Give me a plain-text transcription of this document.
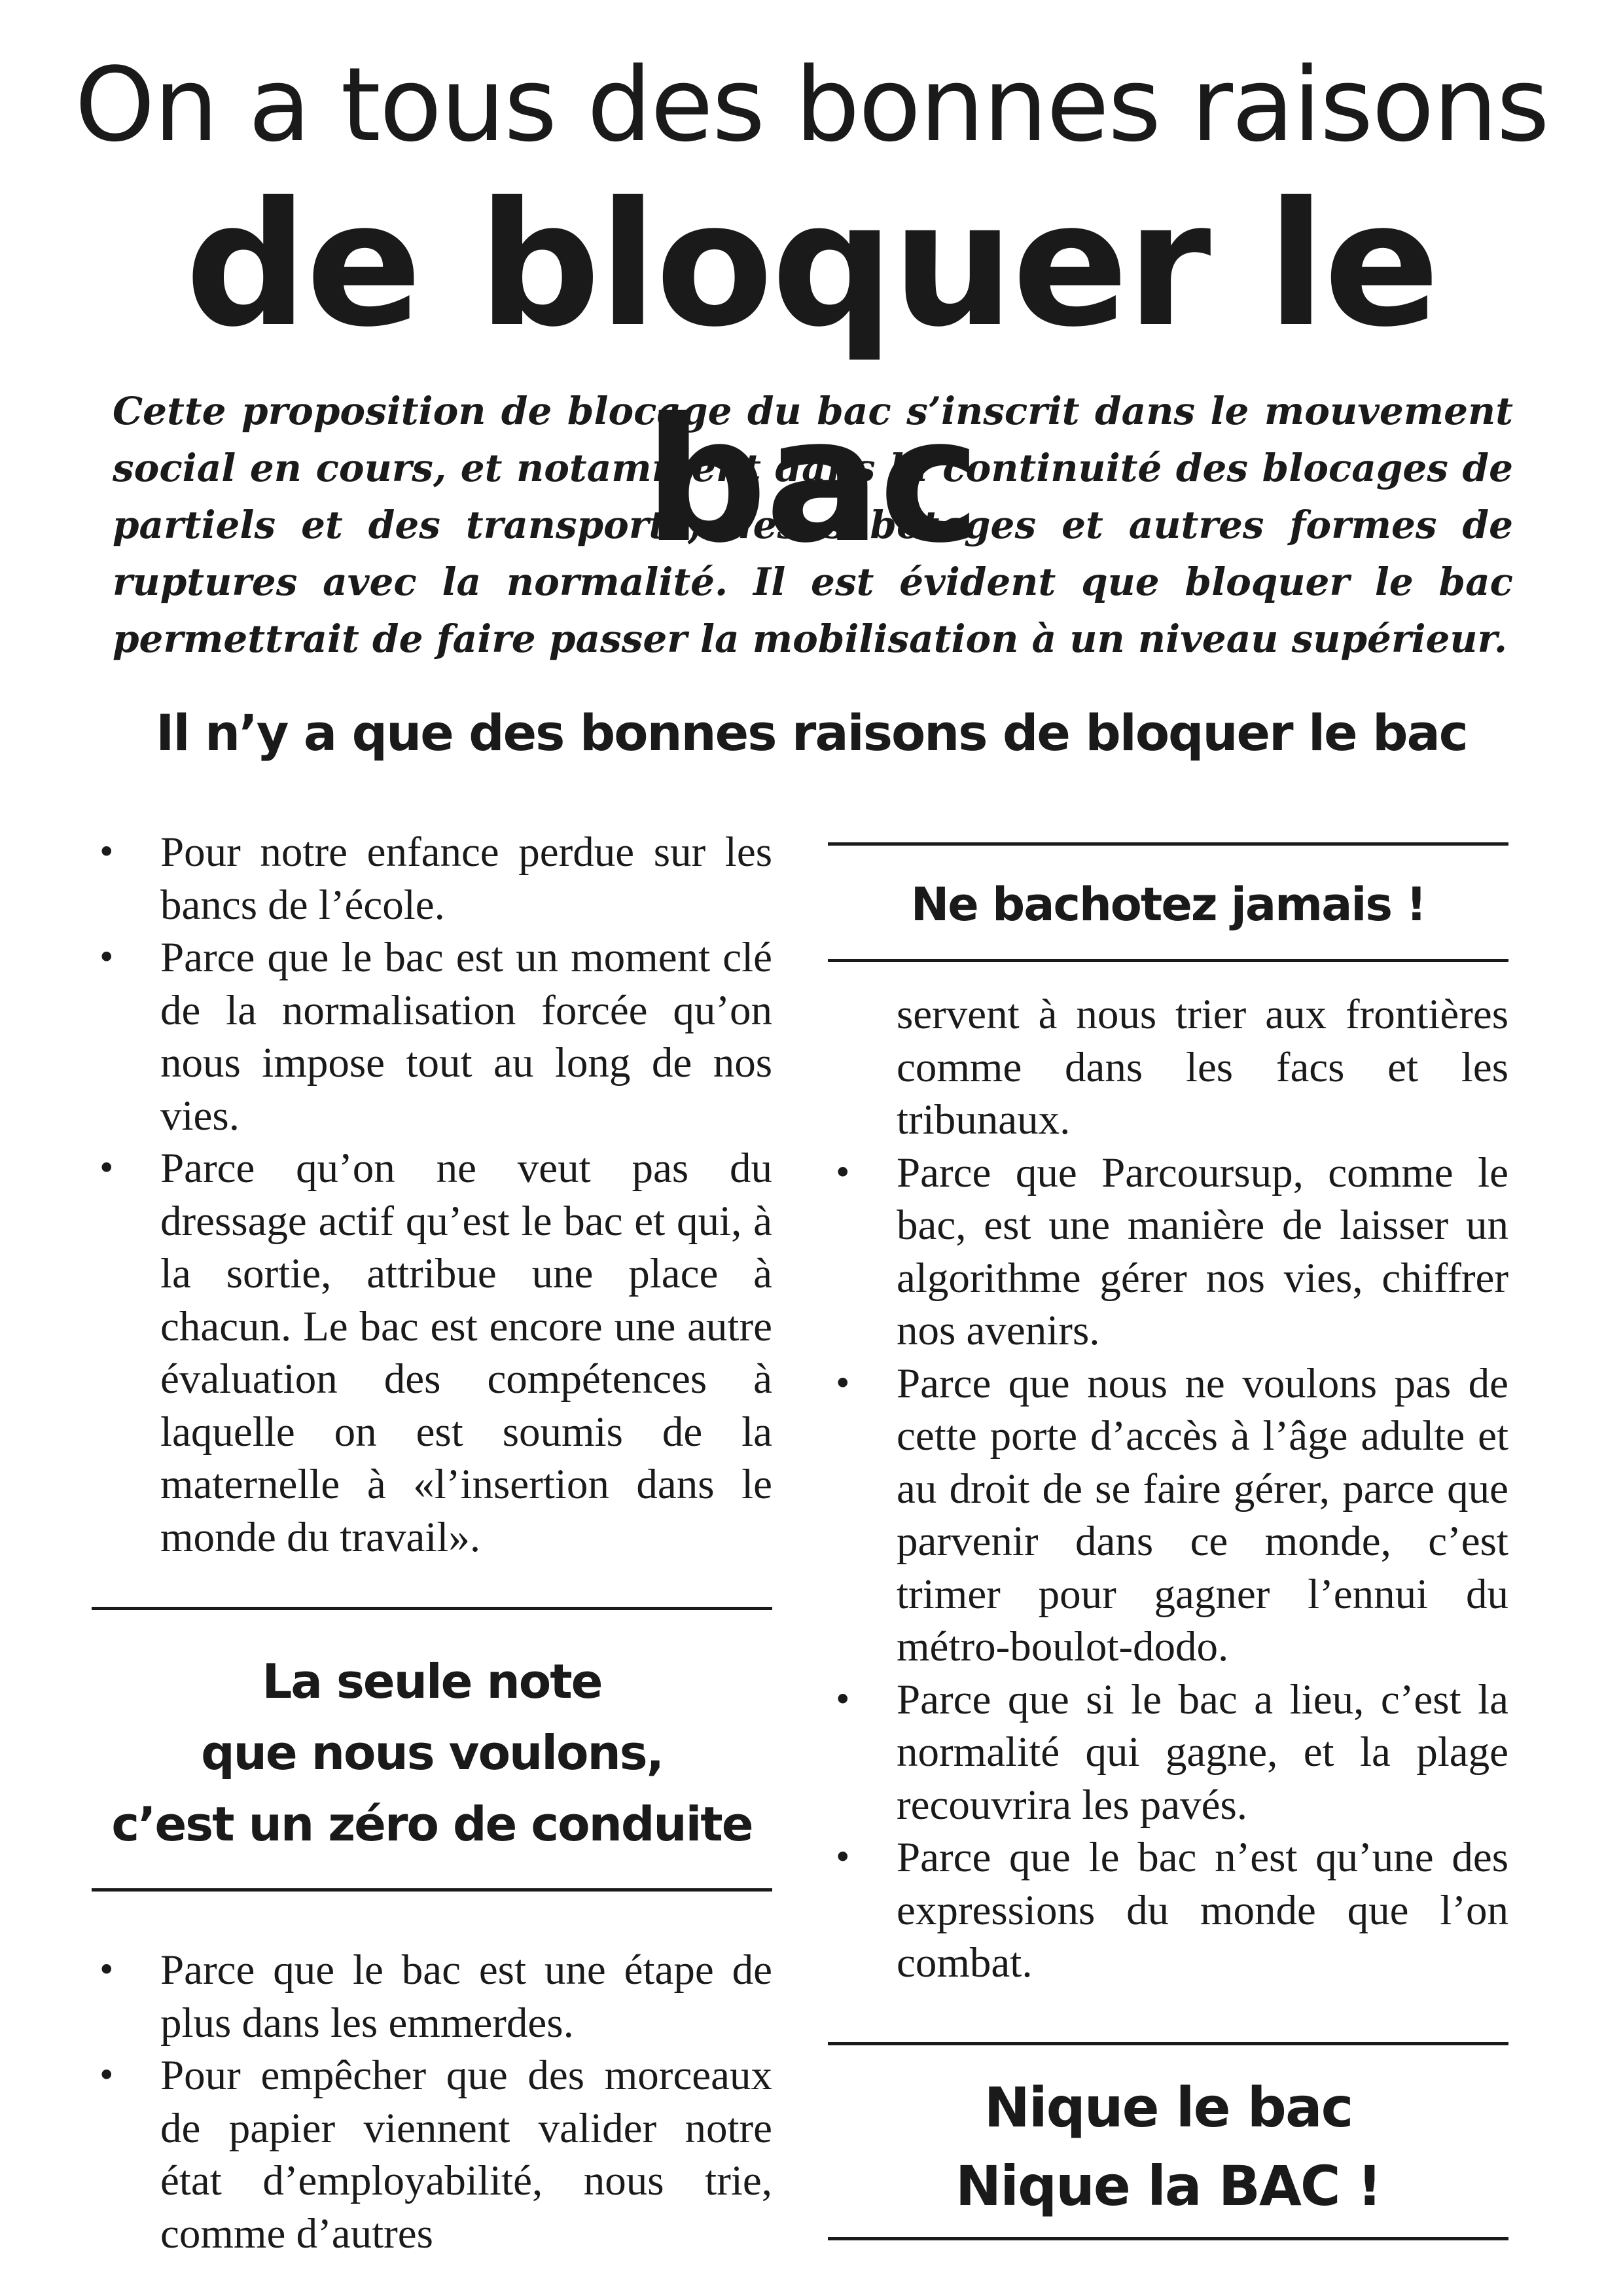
On a tous des bonnes raisons
de bloquer le bac

Cette proposition de blocage du bac s’inscrit dans le mouvement social en cours, et notamment dans la continuité des blocages de partiels et des transports, des sabotages et autres formes de ruptures avec la normalité. Il est évident que bloquer le bac permettrait de faire passer la mobilisation à un niveau supérieur.

Il n’y a que des bonnes raisons de bloquer le bac
•	Pour notre enfance perdue sur les bancs de l’école.
•	Parce que le bac est un moment clé de la normalisation forcée qu’on nous impose tout au long de nos vies.
•	Parce qu’on ne veut pas du dressage actif qu’est le bac et qui, à la sortie, attribue une place à chacun. Le bac est encore une autre évaluation des compétences à laquelle on est soumis de la maternelle à «l’insertion dans le monde du travail».
La seule note
que nous voulons,
c’est un zéro de conduite
•	Parce que le bac est une étape de plus dans les emmerdes.
•	Pour empêcher que des morceaux de papier viennent valider notre état d’employabilité, nous trie, comme d’autres
Ne bachotez jamais !

servent à nous trier aux frontières comme dans les facs et les tribunaux.

•	Parce que Parcoursup, comme le bac, est une manière de laisser un algorithme gérer nos vies, chiffrer nos avenirs.
•	Parce que nous ne voulons pas de cette porte d’accès à l’âge adulte et au droit de se faire gérer, parce que parvenir dans ce monde, c’est trimer pour gagner l’ennui du métro-boulot-dodo.
•	Parce que si le bac a lieu, c’est la normalité qui gagne, et la plage recouvrira les pavés.
•	Parce que le bac n’est qu’une des expressions du monde que l’on combat.
Nique le bac
Nique la BAC !
